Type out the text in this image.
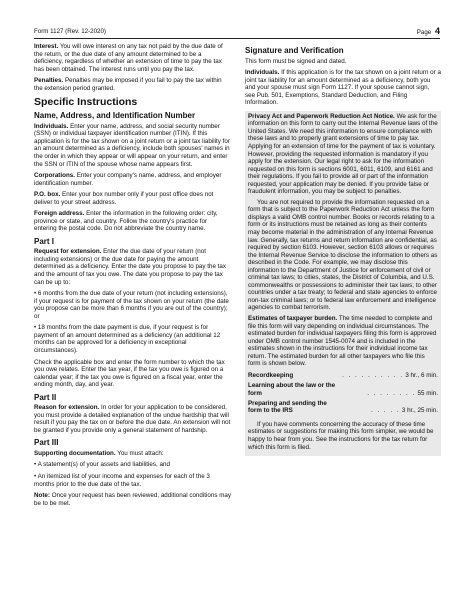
Form 1127 (Rev. 12-2020)	Page 4

Interest. You will owe interest on any tax not paid by the due date of the return, or the due date of any amount determined to be a deficiency, regardless of whether an extension of time to pay the tax has been obtained. The interest runs until you pay the tax.

Penalties. Penalties may be imposed if you fail to pay the tax within the extension period granted.

Specific Instructions
Name, Address, and Identification Number

Individuals. Enter your name, address, and social security number (SSN) or individual taxpayer identification number (ITIN). If this application is for the tax shown on a joint return or a joint tax liability for an amount determined as a deficiency, include both spouses' names in the order in which they appear or will appear on your return, and enter the SSN or ITIN of the spouse whose name appears first.

Corporations. Enter your company's name, address, and employer identification number.

P.O. box. Enter your box number only if your post office does not deliver to your street address.

Foreign address. Enter the information in the following order: city, province or state, and country. Follow the country's practice for entering the postal code. Do not abbreviate the country name.

Part I

Request for extension. Enter the due date of your return (not including extensions) or the due date for paying the amount determined as a deficiency. Enter the date you propose to pay the tax and the amount of tax you owe. The date you propose to pay the tax can be up to:

• 6 months from the due date of your return (not including extensions), if your request is for payment of the tax shown on your return (the date you propose can be more than 6 months if you are out of the country); or

• 18 months from the date payment is due, if your request is for payment of an amount determined as a deficiency (an additional 12 months can be approved for a deficiency in exceptional circumstances).

Check the applicable box and enter the form number to which the tax you owe relates. Enter the tax year, if the tax you owe is figured on a calendar year; if the tax you owe is figured on a fiscal year, enter the ending month, day, and year.

Part II

Reason for extension. In order for your application to be considered, you must provide a detailed explanation of the undue hardship that will result if you pay the tax on or before the due date. An extension will not be granted if you provide only a general statement of hardship.

Part III

Supporting documentation. You must attach:

• A statement(s) of your assets and liabilities, and

• An itemized list of your income and expenses for each of the 3 months prior to the due date of the tax.

Note: Once your request has been reviewed, additional conditions may be to be met.

Signature and Verification

This form must be signed and dated.

Individuals. If this application is for the tax shown on a joint return or a joint tax liability for an amount determined as a deficiency, both you and your spouse must sign Form 1127. If your spouse cannot sign, see Pub. 501, Exemptions, Standard Deduction, and Filing Information.

Privacy Act and Paperwork Reduction Act Notice. We ask for the information on this form to carry out the Internal Revenue laws of the United States. We need this information to ensure compliance with these laws and to properly grant extensions of time to pay tax. Applying for an extension of time for the payment of tax is voluntary. However, providing the requested information is mandatory if you apply for the extension. Our legal right to ask for the information requested on this form is sections 6001, 6011, 6109, and 6161 and their regulations. If you fail to provide all or part of the information requested, your application may be denied. If you provide false or fraudulent information, you may be subject to penalties.

You are not required to provide the information requested on a form that is subject to the Paperwork Reduction Act unless the form displays a valid OMB control number. Books or records relating to a form or its instructions must be retained as long as their contents may become material in the administration of any Internal Revenue law. Generally, tax returns and return information are confidential, as required by section 6103. However, section 6103 allows or requires the Internal Revenue Service to disclose the information to others as described in the Code. For example, we may disclose this information to the Department of Justice for enforcement of civil or criminal tax laws; to cities, states, the District of Columbia, and U.S. commonwealths or possessions to administer their tax laws; to other countries under a tax treaty; to federal and state agencies to enforce non-tax criminal laws; or to federal law enforcement and intelligence agencies to combat terrorism.

Estimates of taxpayer burden. The time needed to complete and file this form will vary depending on individual circumstances. The estimated burden for individual taxpayers filing this form is approved under OMB control number 1545-0074 and is included in the estimates shown in the instructions for their individual income tax return. The estimated burden for all other taxpayers who file this form is shown below.

Recordkeeping	. . . . . . . . . . 3 hr., 6 min.
Learning about the law or the form	. . . . . . . . 55 min.
Preparing and sending the form to the IRS	. . . . . 3 hr., 25 min.

If you have comments concerning the accuracy of these time estimates or suggestions for making this form simpler, we would be happy to hear from you. See the instructions for the tax return for which this form is filed.
